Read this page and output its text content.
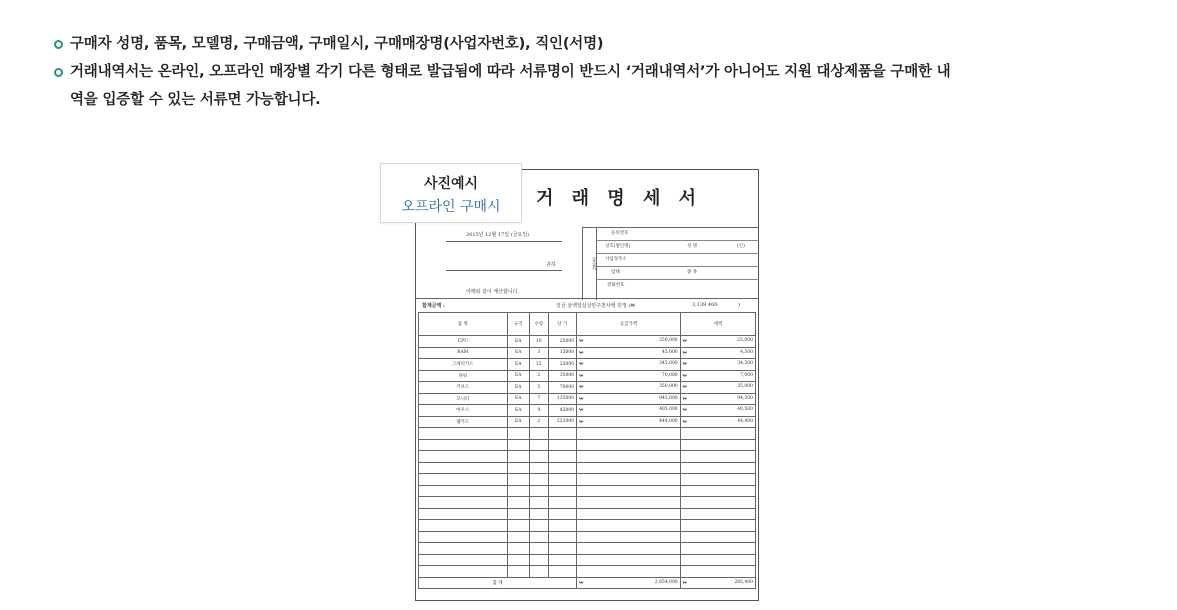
구매자 성명, 품목, 모델명, 구매금액, 구매일시, 구매매장명(사업자번호), 직인(서명)
거래내역서는 온라인, 오프라인 매장별 각기 다른 형태로 발급됨에 따라 서류명이 반드시 ‘거래내역서’가 아니어도 지원 대상제품을 구매한 내
역을 입증할 수 있는 서류면 가능합니다.
거 래 명 세 서
2015년 12월 17일 (금요일)
귀하
아래와 같이 계산합니다.
공급자
등록번호
상호(법인명)	성 명	(인)
사업장주소
업태	종 목
전화번호
합계금액 :	일금 삼백일십삼만구천사백 원정 (₩	3,139,400	)
품 명	규격	수량	단 가	공급가액	세액
CPU	EA	10	25000	₩ 250,000	₩ 25,000

RAM	EA	3	15000	₩ 45,000	₩ 4,500

그래픽카드	EA	15	23000	₩ 345,000	₩ 34,500

파워	EA	2	35000	₩ 70,000	₩ 7,000

키보드	EA	5	70000	₩ 350,000	₩ 35,000

모니터	EA	7	135000	₩ 945,000	₩ 94,500

마우스	EA	9	45000	₩ 405,000	₩ 40,500

램카드	EA	2	222000	₩ 444,000	₩ 44,400

합 계				₩ 2,854,000	₩ 285,400
사진예시
오프라인 구매시
